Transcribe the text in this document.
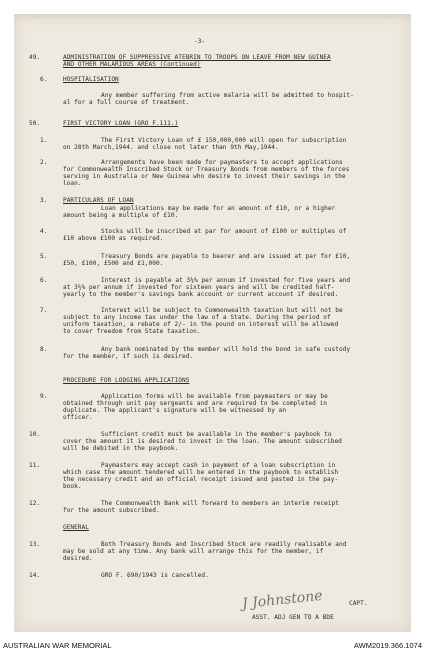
-3-
49.	ADMINISTRATION OF SUPPRESSIVE ATEBRIN TO TROOPS ON LEAVE FROM NEW GUINEA
AND OTHER MALARIOUS AREAS (Continued)
6.	HOSPITALISATION
Any member suffering from active malaria will be admitted to hospit-
al for a full course of treatment.
50.	FIRST VICTORY LOAN (GRO F.111.)
1.	The First Victory Loan of £ 150,000,000 will open for subscription
on 28th March,1944. and close not later than 9th May,1944.
2.	Arrangements have been made for paymasters to accept applications
for Commonwealth Inscribed Stock or Treasury Bonds from members of the forces
serving in Australia or New Guinea who desire to invest their savings in the
loan.
3.	PARTICULARS OF LOAN
Loan applications may be made for an amount of £10, or a higher
amount being a multiple of £10.
4.	Stocks will be inscribed at par for amount of £100 or multiples of
£10 above £100 as required.
5.	Treasury Bonds are payable to bearer and are issued at par for £10,
£50, £100, £500 and £1,000.
6.	Interest is payable at 3¼% per annum if invested for five years and
at 3½% per annum if invested for sixteen years and will be credited half-
yearly to the member's savings bank account or current account if desired.
7.	Interest will be subject to Commonwealth taxation but will not be
subject to any income tax under the law of a State. During the period of
uniform taxation, a rebate of 2/- in the pound on interest will be allowed
to cover freedom from State taxation.
8.	Any bank nominated by the member will hold the bond in safe custody
for the member, if such is desired.
PROCEDURE FOR LODGING APPLICATIONS
9.	Application forms will be available from paymasters or may be
obtained through unit pay sergeants and are required to be completed in
duplicate. The applicant's signature will be witnessed by an
officer.
10.	Sufficient credit must be available in the member's paybook to
cover the amount it is desired to invest in the loan. The amount subscribed
will be debited in the paybook.
11.	Paymasters may accept cash in payment of a loan subscription in
which case the amount tendered will be entered in the paybook to establish
the necessary credit and an official receipt issued and pasted in the pay-
book.
12.	The Commonwealth Bank will forward to members an interim receipt
for the amount subscribed.
GENERAL
13.	Both Treasury Bonds and Inscribed Stock are readily realisable and
may be sold at any time. Any bank will arrange this for the member, if
desired.
14.	GRO F. 690/1943 is cancelled.
J Johnstone	CAPT.
ASST. ADJ GEN TO A BDE
AUSTRALIAN WAR MEMORIAL	AWM2019.366.1074
